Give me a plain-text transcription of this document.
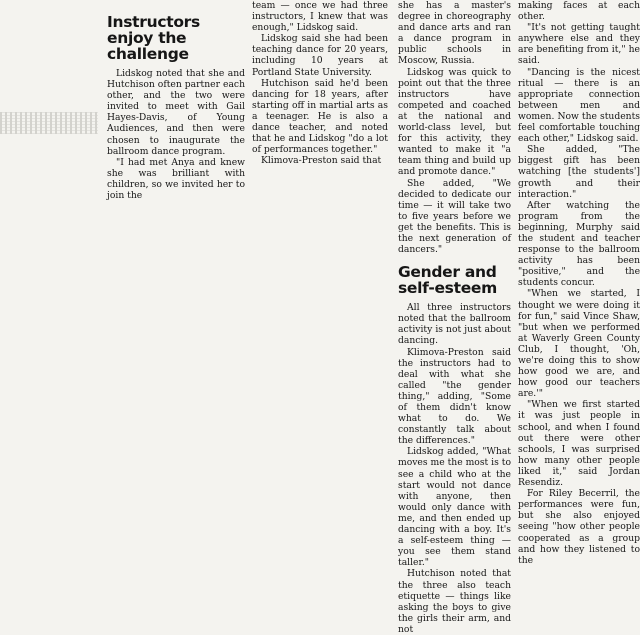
Instructors enjoy the challenge

Lidskog noted that she and Hutchison often partner each other, and the two were invited to meet with Gail Hayes-Davis, of Young Audiences, and then were chosen to inaugurate the ballroom dance program.

"I had met Anya and knew she was brilliant with children, so we invited her to join the

team — once we had three instructors, I knew that was enough," Lidskog said.

Lidskog said she had been teaching dance for 20 years, including 10 years at Portland State University.

Hutchison said he'd been dancing for 18 years, after starting off in martial arts as a teenager. He is also a dance teacher, and noted that he and Lidskog "do a lot of performances together."

Klimova-Preston said that

she has a master's degree in choreography and dance arts and ran a dance program in public schools in Moscow, Russia.

Lidskog was quick to point out that the three instructors have competed and coached at the national and world-class level, but for this activity, they wanted to make it "a team thing and build up and promote dance."

She added, "We decided to dedicate our time — it will take two to five years before we get the benefits. This is the next generation of dancers."

Gender and self-esteem

All three instructors noted that the ballroom activity is not just about dancing.

Klimova-Preston said the instructors had to deal with what she called "the gender thing," adding, "Some of them didn't know what to do. We constantly talk about the differences."

Lidskog added, "What moves me the most is to see a child who at the start would not dance with anyone, then would only dance with me, and then ended up dancing with a boy. It's a self-esteem thing — you see them stand taller."

Hutchison noted that the three also teach etiquette — things like asking the boys to give the girls their arm, and not

making faces at each other.

"It's not getting taught anywhere else and they are benefiting from it," he said.

"Dancing is the nicest ritual — there is an appropriate connection between men and women. Now the students feel comfortable touching each other," Lidskog said.

She added, "The biggest gift has been watching [the students'] growth and their interaction."

After watching the program from the beginning, Murphy said the student and teacher response to the ballroom activity has been "positive," and the students concur.

"When we started, I thought we were doing it for fun," said Vince Shaw, "but when we performed at Waverly Green County Club, I thought, 'Oh, we're doing this to show how good we are, and how good our teachers are.'"

"When we first started it was just people in school, and when I found out there were other schools, I was surprised how many other people liked it," said Jordan Resendiz.

For Riley Becerril, the performances were fun, but she also enjoyed seeing "how other people cooperated as a group and how they listened to the
